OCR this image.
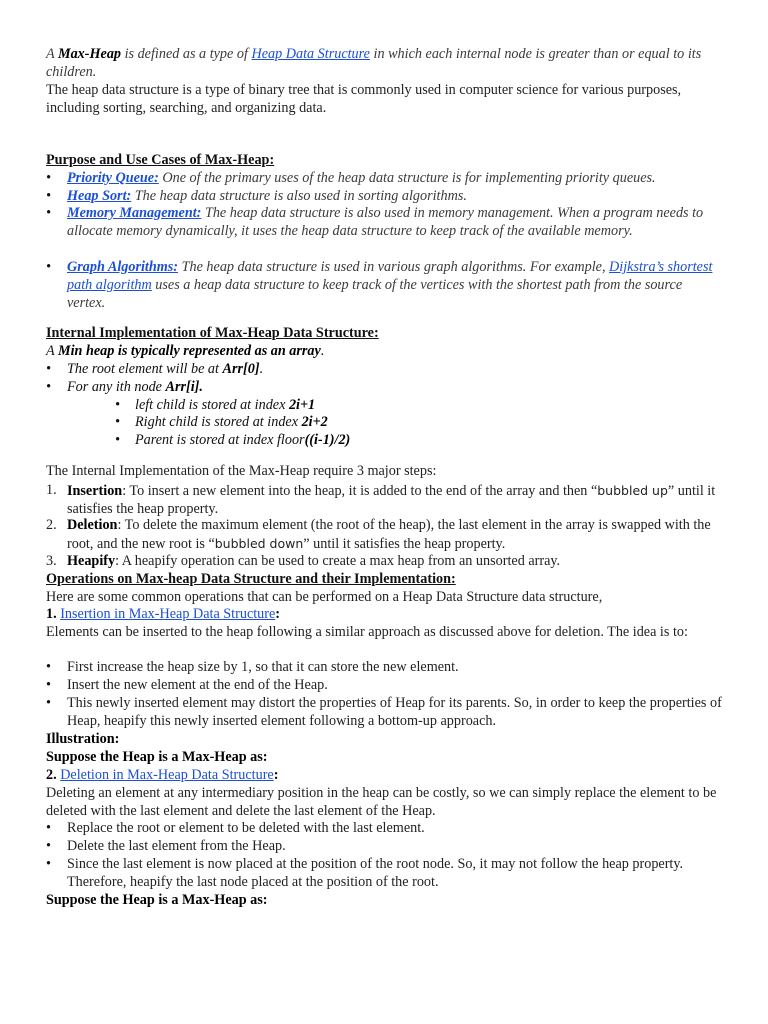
A Max-Heap is defined as a type of Heap Data Structure in which each internal node is greater than or equal to its children.
The heap data structure is a type of binary tree that is commonly used in computer science for various purposes, including sorting, searching, and organizing data.
Purpose and Use Cases of Max-Heap:
• Priority Queue: One of the primary uses of the heap data structure is for implementing priority queues.
• Heap Sort: The heap data structure is also used in sorting algorithms.
• Memory Management: The heap data structure is also used in memory management. When a program needs to allocate memory dynamically, it uses the heap data structure to keep track of the available memory.
• Graph Algorithms: The heap data structure is used in various graph algorithms. For example, Dijkstra’s shortest path algorithm uses a heap data structure to keep track of the vertices with the shortest path from the source vertex.
Internal Implementation of Max-Heap Data Structure:
A Min heap is typically represented as an array.
• The root element will be at Arr[0].
• For any ith node Arr[i].
• left child is stored at index 2i+1
• Right child is stored at index 2i+2
• Parent is stored at index floor((i-1)/2)
The Internal Implementation of the Max-Heap require 3 major steps:
1. Insertion: To insert a new element into the heap, it is added to the end of the array and then “bubbled up” until it satisfies the heap property.
2. Deletion: To delete the maximum element (the root of the heap), the last element in the array is swapped with the root, and the new root is “bubbled down” until it satisfies the heap property.
3. Heapify: A heapify operation can be used to create a max heap from an unsorted array.
Operations on Max-heap Data Structure and their Implementation:
Here are some common operations that can be performed on a Heap Data Structure data structure,
1. Insertion in Max-Heap Data Structure:
Elements can be inserted to the heap following a similar approach as discussed above for deletion. The idea is to:
• First increase the heap size by 1, so that it can store the new element.
• Insert the new element at the end of the Heap.
• This newly inserted element may distort the properties of Heap for its parents. So, in order to keep the properties of Heap, heapify this newly inserted element following a bottom-up approach.
Illustration:
Suppose the Heap is a Max-Heap as:
2. Deletion in Max-Heap Data Structure:
Deleting an element at any intermediary position in the heap can be costly, so we can simply replace the element to be deleted with the last element and delete the last element of the Heap.
• Replace the root or element to be deleted with the last element.
• Delete the last element from the Heap.
• Since the last element is now placed at the position of the root node. So, it may not follow the heap property. Therefore, heapify the last node placed at the position of the root.
Suppose the Heap is a Max-Heap as:
